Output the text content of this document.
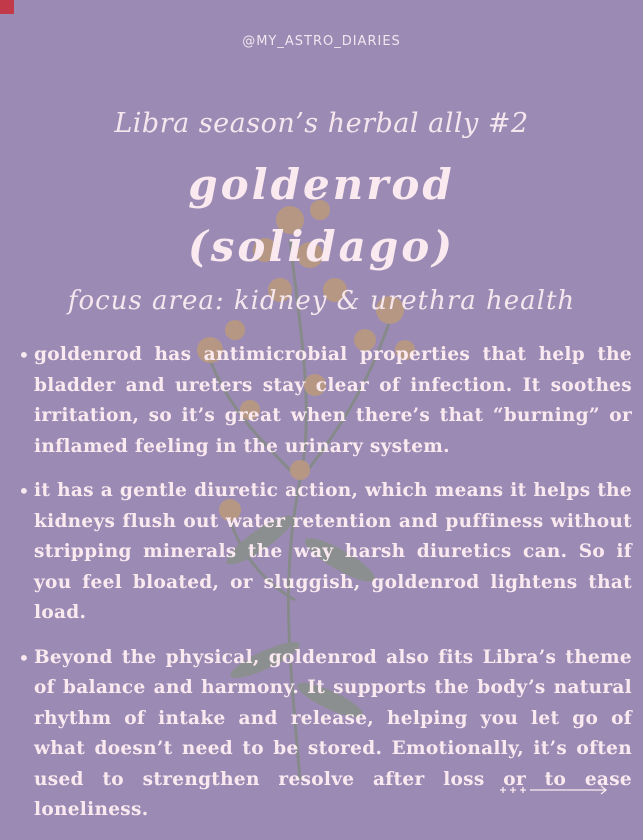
@MY_ASTRO_DIARIES
Libra season’s herbal ally #2
goldenrod
(solidago)
focus area: kidney & urethra health
• goldenrod has antimicrobial properties that help the bladder and ureters stay clear of infection. It soothes irritation, so it’s great when there’s that “burning” or inflamed feeling in the urinary system.
• it has a gentle diuretic action, which means it helps the kidneys flush out water retention and puffiness without stripping minerals the way harsh diuretics can. So if you feel bloated, or sluggish, goldenrod lightens that load.
• Beyond the physical, goldenrod also fits Libra’s theme of balance and harmony. It supports the body’s natural rhythm of intake and release, helping you let go of what doesn’t need to be stored. Emotionally, it’s often used to strengthen resolve after loss or to ease loneliness.
